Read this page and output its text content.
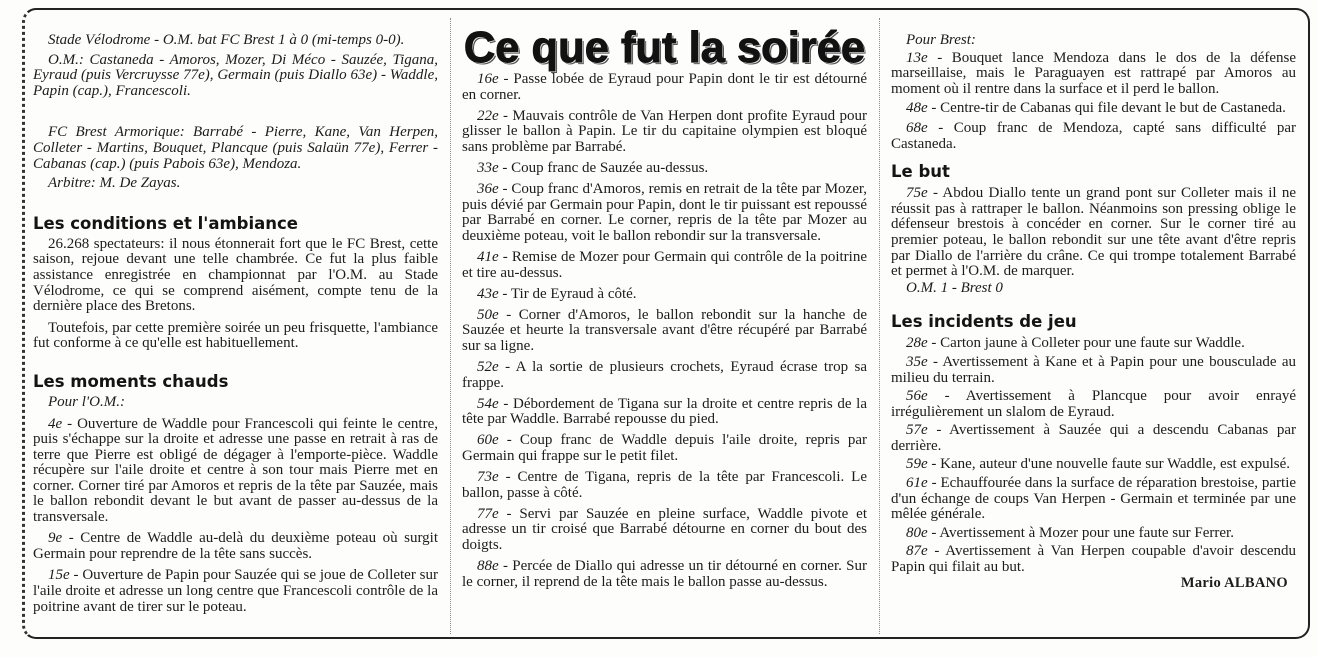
Stade Vélodrome - O.M. bat FC Brest 1 à 0 (mi-temps 0-0).

O.M.: Castaneda - Amoros, Mozer, Di Méco - Sauzée, Tigana, Eyraud (puis Vercruysse 77e), Germain (puis Diallo 63e) - Waddle, Papin (cap.), Francescoli.

FC Brest Armorique: Barrabé - Pierre, Kane, Van Herpen, Colleter - Martins, Bouquet, Plancque (puis Salaün 77e), Ferrer - Cabanas (cap.) (puis Pabois 63e), Mendoza.

Arbitre: M. De Zayas.

Les conditions et l'ambiance

26.268 spectateurs: il nous étonnerait fort que le FC Brest, cette saison, rejoue devant une telle chambrée. Ce fut la plus faible assistance enregistrée en championnat par l'O.M. au Stade Vélodrome, ce qui se comprend aisément, compte tenu de la dernière place des Bretons.

Toutefois, par cette première soirée un peu frisquette, l'ambiance fut conforme à ce qu'elle est habituellement.

Les moments chauds

Pour l'O.M.:

4e - Ouverture de Waddle pour Francescoli qui feinte le centre, puis s'échappe sur la droite et adresse une passe en retrait à ras de terre que Pierre est obligé de dégager à l'emporte-pièce. Waddle récupère sur l'aile droite et centre à son tour mais Pierre met en corner. Corner tiré par Amoros et repris de la tête par Sauzée, mais le ballon rebondit devant le but avant de passer au-dessus de la transversale.

9e - Centre de Waddle au-delà du deuxième poteau où surgit Germain pour reprendre de la tête sans succès.

15e - Ouverture de Papin pour Sauzée qui se joue de Colleter sur l'aile droite et adresse un long centre que Francescoli contrôle de la poitrine avant de tirer sur le poteau.

Ce que fut la soirée

16e - Passe lobée de Eyraud pour Papin dont le tir est détourné en corner.

22e - Mauvais contrôle de Van Herpen dont profite Eyraud pour glisser le ballon à Papin. Le tir du capitaine olympien est bloqué sans problème par Barrabé.

33e - Coup franc de Sauzée au-dessus.

36e - Coup franc d'Amoros, remis en retrait de la tête par Mozer, puis dévié par Germain pour Papin, dont le tir puissant est repoussé par Barrabé en corner. Le corner, repris de la tête par Mozer au deuxième poteau, voit le ballon rebondir sur la transversale.

41e - Remise de Mozer pour Germain qui contrôle de la poitrine et tire au-dessus.

43e - Tir de Eyraud à côté.

50e - Corner d'Amoros, le ballon rebondit sur la hanche de Sauzée et heurte la transversale avant d'être récupéré par Barrabé sur sa ligne.

52e - A la sortie de plusieurs crochets, Eyraud écrase trop sa frappe.

54e - Débordement de Tigana sur la droite et centre repris de la tête par Waddle. Barrabé repousse du pied.

60e - Coup franc de Waddle depuis l'aile droite, repris par Germain qui frappe sur le petit filet.

73e - Centre de Tigana, repris de la tête par Francescoli. Le ballon, passe à côté.

77e - Servi par Sauzée en pleine surface, Waddle pivote et adresse un tir croisé que Barrabé détourne en corner du bout des doigts.

88e - Percée de Diallo qui adresse un tir détourné en corner. Sur le corner, il reprend de la tête mais le ballon passe au-dessus.

Pour Brest:

13e - Bouquet lance Mendoza dans le dos de la défense marseillaise, mais le Paraguayen est rattrapé par Amoros au moment où il rentre dans la surface et il perd le ballon.

48e - Centre-tir de Cabanas qui file devant le but de Castaneda.

68e - Coup franc de Mendoza, capté sans difficulté par Castaneda.

Le but

75e - Abdou Diallo tente un grand pont sur Colleter mais il ne réussit pas à rattraper le ballon. Néanmoins son pressing oblige le défenseur brestois à concéder en corner. Sur le corner tiré au premier poteau, le ballon rebondit sur une tête avant d'être repris par Diallo de l'arrière du crâne. Ce qui trompe totalement Barrabé et permet à l'O.M. de marquer.

O.M. 1 - Brest 0

Les incidents de jeu

28e - Carton jaune à Colleter pour une faute sur Waddle.

35e - Avertissement à Kane et à Papin pour une bousculade au milieu du terrain.

56e - Avertissement à Plancque pour avoir enrayé irrégulièrement un slalom de Eyraud.

57e - Avertissement à Sauzée qui a descendu Cabanas par derrière.

59e - Kane, auteur d'une nouvelle faute sur Waddle, est expulsé.

61e - Echauffourée dans la surface de réparation brestoise, partie d'un échange de coups Van Herpen - Germain et terminée par une mêlée générale.

80e - Avertissement à Mozer pour une faute sur Ferrer.

87e - Avertissement à Van Herpen coupable d'avoir descendu Papin qui filait au but.

Mario ALBANO
